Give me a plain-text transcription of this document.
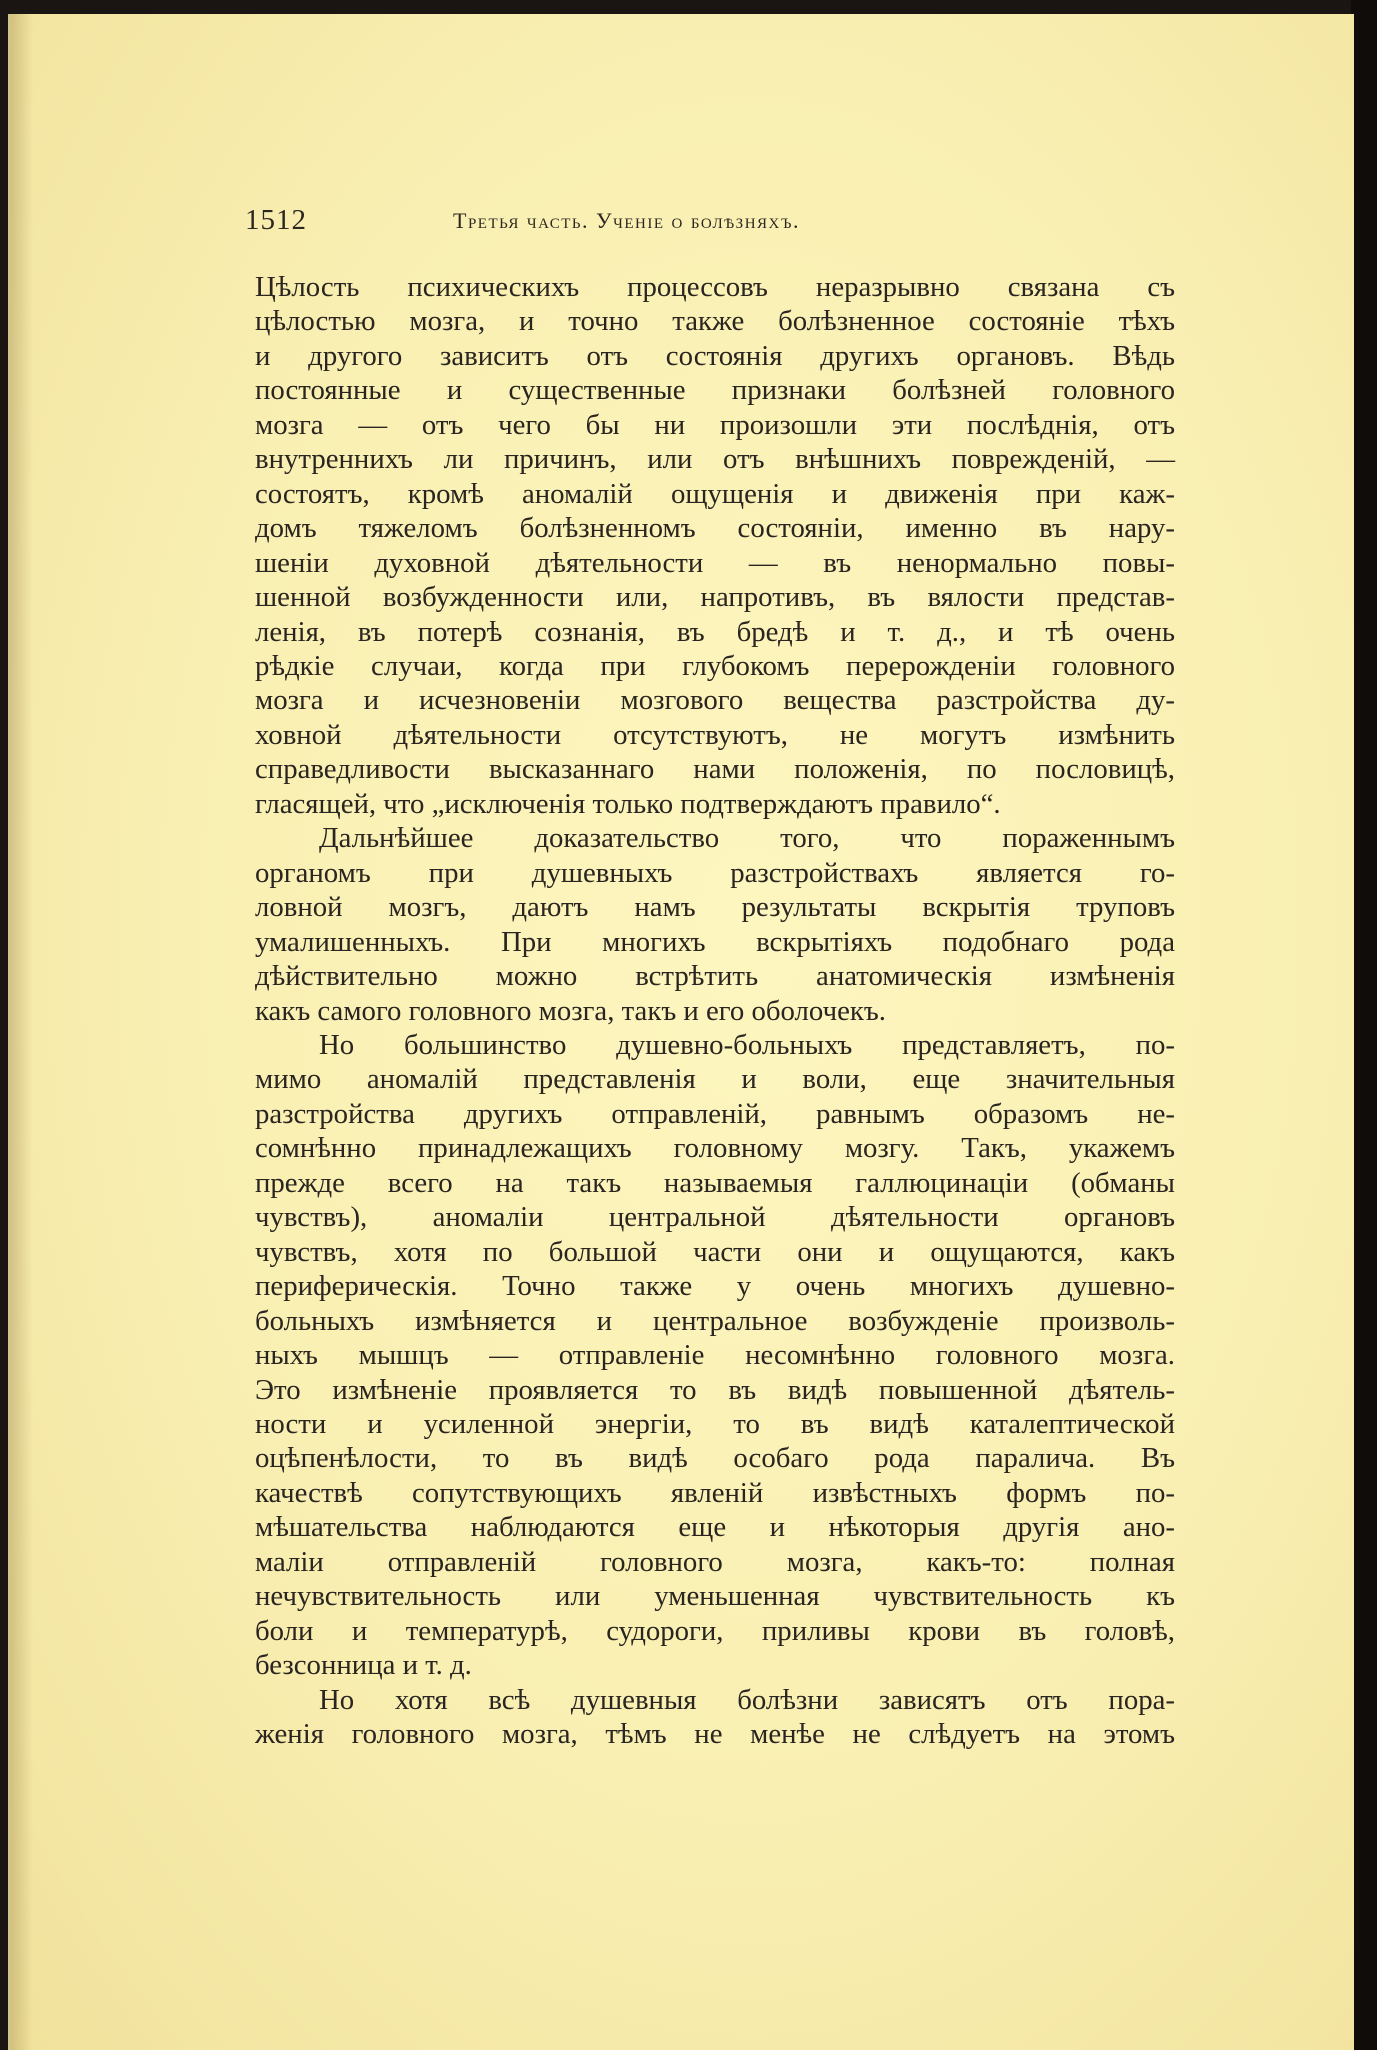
1512	Третья часть. Ученіе о болѣзняхъ.
Цѣлость психическихъ процессовъ неразрывно связана съ
цѣлостью мозга, и точно также болѣзненное состояніе тѣхъ
и другого зависитъ отъ состоянія другихъ органовъ. Вѣдь
постоянные и существенные признаки болѣзней головного
мозга — отъ чего бы ни произошли эти послѣднія, отъ
внутреннихъ ли причинъ, или отъ внѣшнихъ поврежденій, —
состоятъ, кромѣ аномалій ощущенія и движенія при каж-
домъ тяжеломъ болѣзненномъ состояніи, именно въ нару-
шеніи духовной дѣятельности — въ ненормально повы-
шенной возбужденности или, напротивъ, въ вялости представ-
ленія, въ потерѣ сознанія, въ бредѣ и т. д., и тѣ очень
рѣдкіе случаи, когда при глубокомъ перерожденіи головного
мозга и исчезновеніи мозгового вещества разстройства ду-
ховной дѣятельности отсутствуютъ, не могутъ измѣнить
справедливости высказаннаго нами положенія, по пословицѣ,
гласящей, что „исключенія только подтверждаютъ правило“.
Дальнѣйшее доказательство того, что пораженнымъ
органомъ при душевныхъ разстройствахъ является го-
ловной мозгъ, даютъ намъ результаты вскрытія труповъ
умалишенныхъ. При многихъ вскрытіяхъ подобнаго рода
дѣйствительно можно встрѣтить анатомическія измѣненія
какъ самого головного мозга, такъ и его оболочекъ.
Но большинство душевно-больныхъ представляетъ, по-
мимо аномалій представленія и воли, еще значительныя
разстройства другихъ отправленій, равнымъ образомъ не-
сомнѣнно принадлежащихъ головному мозгу. Такъ, укажемъ
прежде всего на такъ называемыя галлюцинаціи (обманы
чувствъ), аномаліи центральной дѣятельности органовъ
чувствъ, хотя по большой части они и ощущаются, какъ
периферическія. Точно также у очень многихъ душевно-
больныхъ измѣняется и центральное возбужденіе произволь-
ныхъ мышцъ — отправленіе несомнѣнно головного мозга.
Это измѣненіе проявляется то въ видѣ повышенной дѣятель-
ности и усиленной энергіи, то въ видѣ каталептической
оцѣпенѣлости, то въ видѣ особаго рода паралича. Въ
качествѣ сопутствующихъ явленій извѣстныхъ формъ по-
мѣшательства наблюдаются еще и нѣкоторыя другія ано-
маліи отправленій головного мозга, какъ-то: полная
нечувствительность или уменьшенная чувствительность къ
боли и температурѣ, судороги, приливы крови въ головѣ,
безсонница и т. д.
Но хотя всѣ душевныя болѣзни зависятъ отъ пора-
женія головного мозга, тѣмъ не менѣе не слѣдуетъ на этомъ
